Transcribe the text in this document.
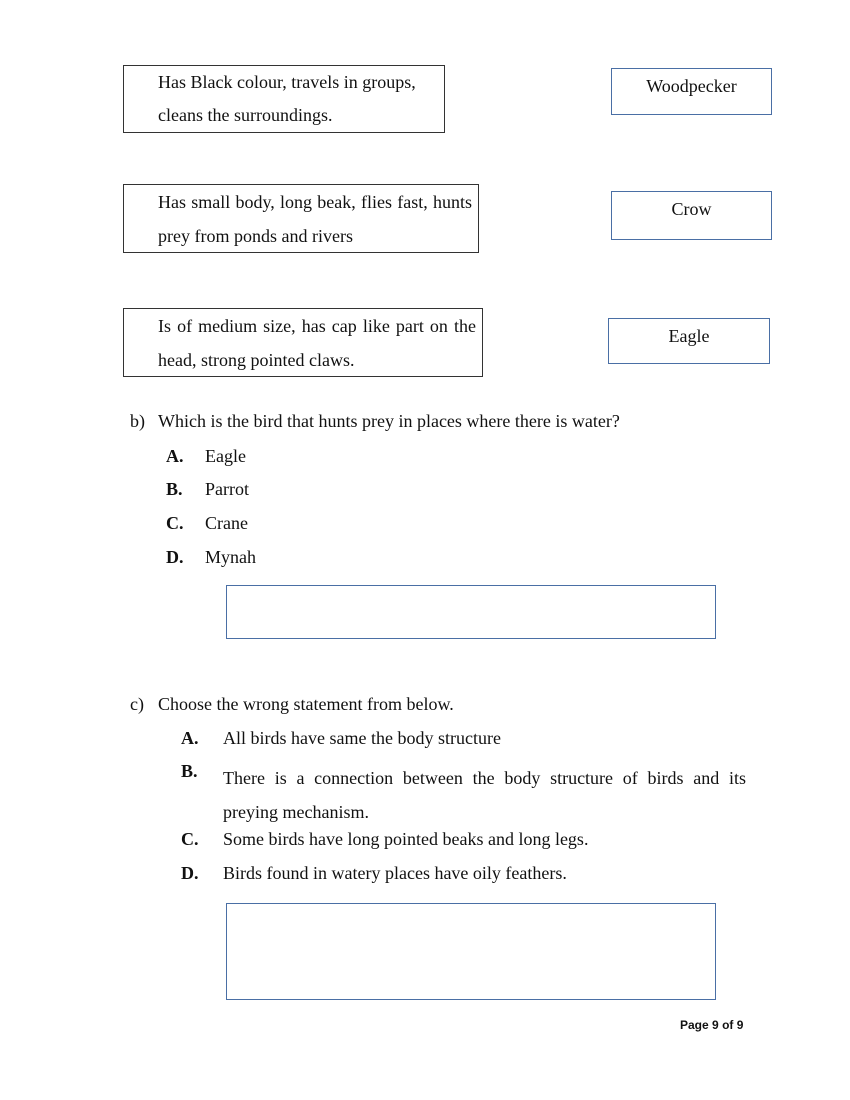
Has Black colour, travels in groups, cleans the surroundings.
Has small body, long beak, flies fast, hunts prey from ponds and rivers
Is of medium size, has cap like part on the head, strong pointed claws.
Woodpecker
Crow
Eagle
b) Which is the bird that hunts prey in places where there is water?
A. Eagle
B. Parrot
C. Crane
D. Mynah
c) Choose the wrong statement from below.
A. All birds have same the body structure
B. There is a connection between the body structure of birds and its preying mechanism.
C. Some birds have long pointed beaks and long legs.
D. Birds found in watery places have oily feathers.
Page 9 of 9
